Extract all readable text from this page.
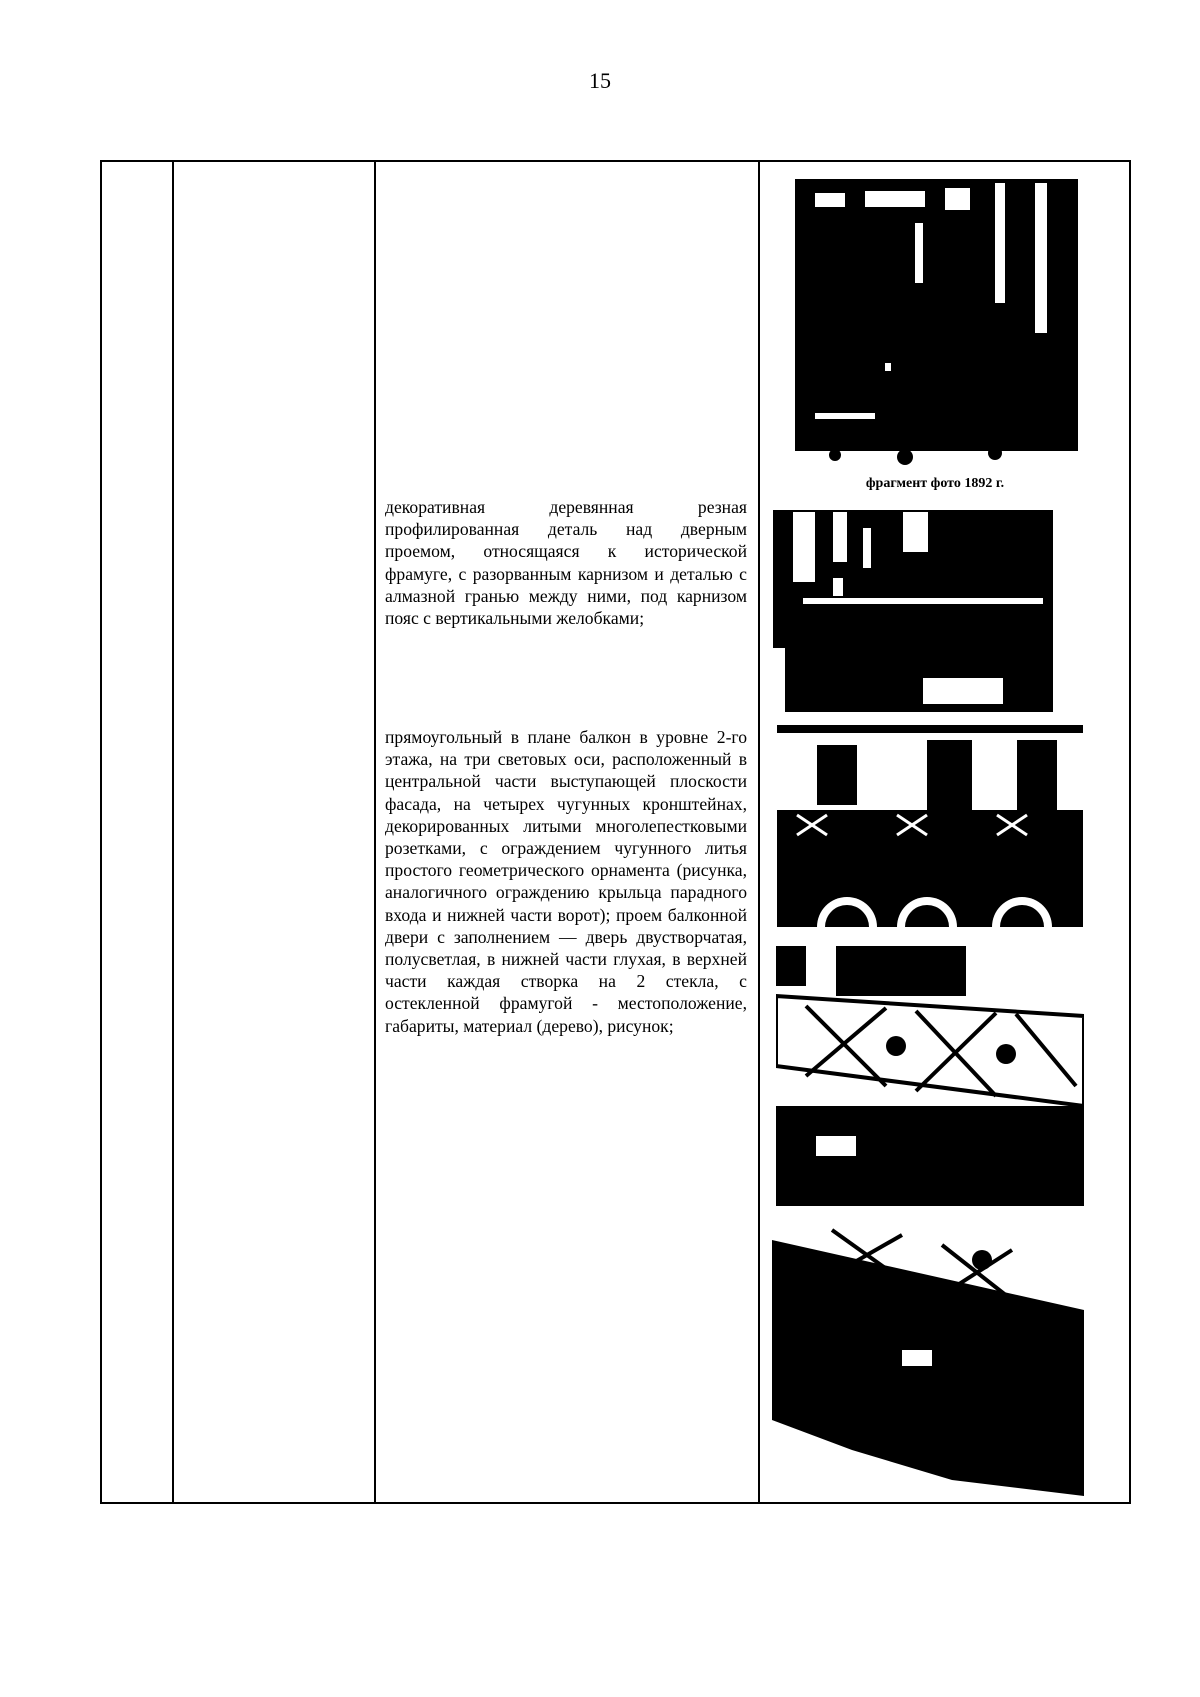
15
декоративная деревянная резная профилированная деталь над дверным проемом, относящаяся к исторической фрамуге, с разорванным карнизом и деталью с алмазной гранью между ними, под карнизом пояс с вертикальными желобками;
прямоугольный в плане балкон в уровне 2-го этажа, на три световых оси, расположенный в центральной части выступающей плоскости фасада, на четырех чугунных кронштейнах, декорированных литыми многолепестковыми розетками, с ограждением чугунного литья простого геометрического орнамента (рисунка, аналогичного ограждению крыльца парадного входа и нижней части ворот); проем балконной двери с заполнением — дверь двустворчатая, полусветлая, в нижней части глухая, в верхней части каждая створка на 2 стекла, с остекленной фрамугой - местоположение, габариты, материал (дерево), рисунок;
фрагмент фото 1892 г.
